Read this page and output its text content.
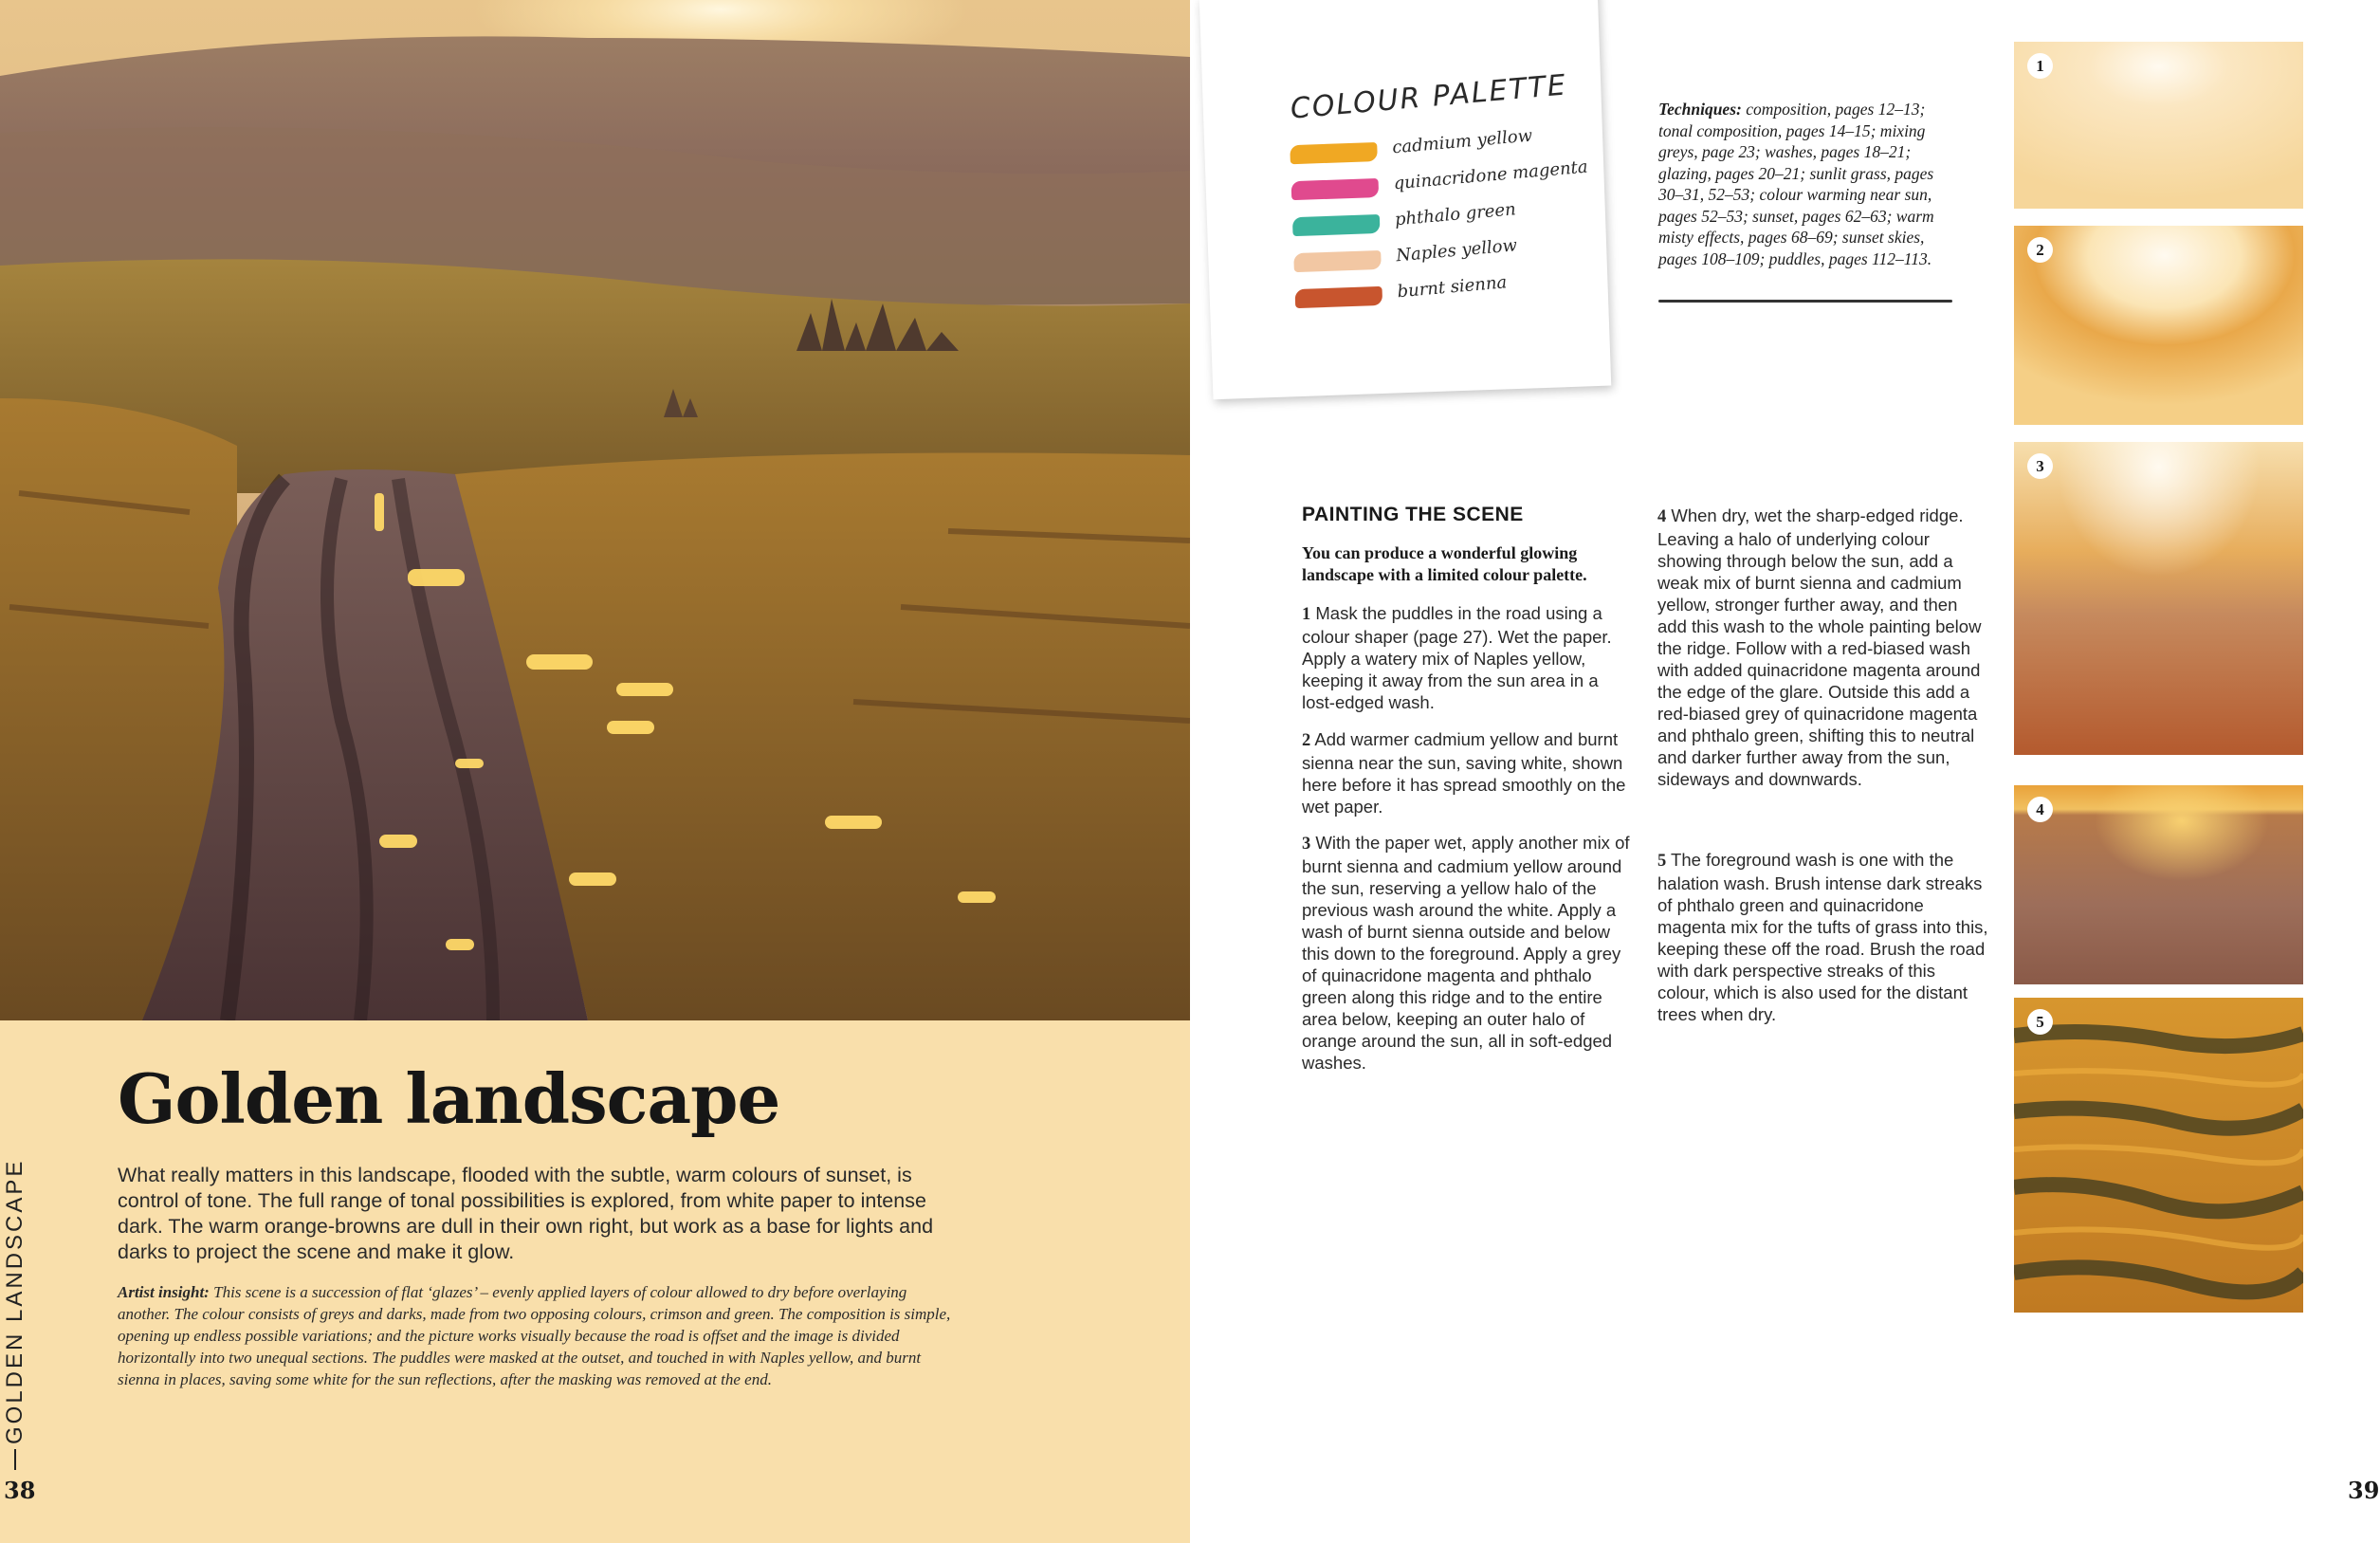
Golden landscape

What really matters in this landscape, flooded with the subtle, warm colours of sunset, is control of tone. The full range of tonal possibilities is explored, from white paper to intense dark. The warm orange-browns are dull in their own right, but work as a base for lights and darks to project the scene and make it glow.

Artist insight: This scene is a succession of flat ‘glazes’ – evenly applied layers of colour allowed to dry before overlaying another. The colour consists of greys and darks, made from two opposing colours, crimson and green. The composition is simple, opening up endless possible variations; and the picture works visually because the road is offset and the image is divided horizontally into two unequal sections. The puddles were masked at the outset, and touched in with Naples yellow, and burnt sienna in places, saving some white for the sun reflections, after the masking was removed at the end.

GOLDEN LANDSCAPE
38
COLOUR PALETTE
cadmium yellow
quinacridone magenta
phthalo green
Naples yellow
burnt sienna

Techniques: composition, pages 12–13; tonal composition, pages 14–15; mixing greys, page 23; washes, pages 18–21; glazing, pages 20–21; sunlit grass, pages 30–31, 52–53; colour warming near sun, pages 52–53; sunset, pages 62–63; warm misty effects, pages 68–69; sunset skies, pages 108–109; puddles, pages 112–113.

PAINTING THE SCENE

You can produce a wonderful glowing landscape with a limited colour palette.

1 Mask the puddles in the road using a colour shaper (page 27). Wet the paper. Apply a watery mix of Naples yellow, keeping it away from the sun area in a lost-edged wash.

2 Add warmer cadmium yellow and burnt sienna near the sun, saving white, shown here before it has spread smoothly on the wet paper.

3 With the paper wet, apply another mix of burnt sienna and cadmium yellow around the sun, reserving a yellow halo of the previous wash around the white. Apply a wash of burnt sienna outside and below this down to the foreground. Apply a grey of quinacridone magenta and phthalo green along this ridge and to the entire area below, keeping an outer halo of orange around the sun, all in soft-edged washes.

4 When dry, wet the sharp-edged ridge. Leaving a halo of underlying colour showing through below the sun, add a weak mix of burnt sienna and cadmium yellow, stronger further away, and then add this wash to the whole painting below the ridge. Follow with a red-biased wash with added quinacridone magenta around the edge of the glare. Outside this add a red-biased grey of quinacridone magenta and phthalo green, shifting this to neutral and darker further away from the sun, sideways and downwards.

5 The foreground wash is one with the halation wash. Brush intense dark streaks of phthalo green and quinacridone magenta mix for the tufts of grass into this, keeping these off the road. Brush the road with dark perspective streaks of this colour, which is also used for the distant trees when dry.

1
2
3
4
5
39
